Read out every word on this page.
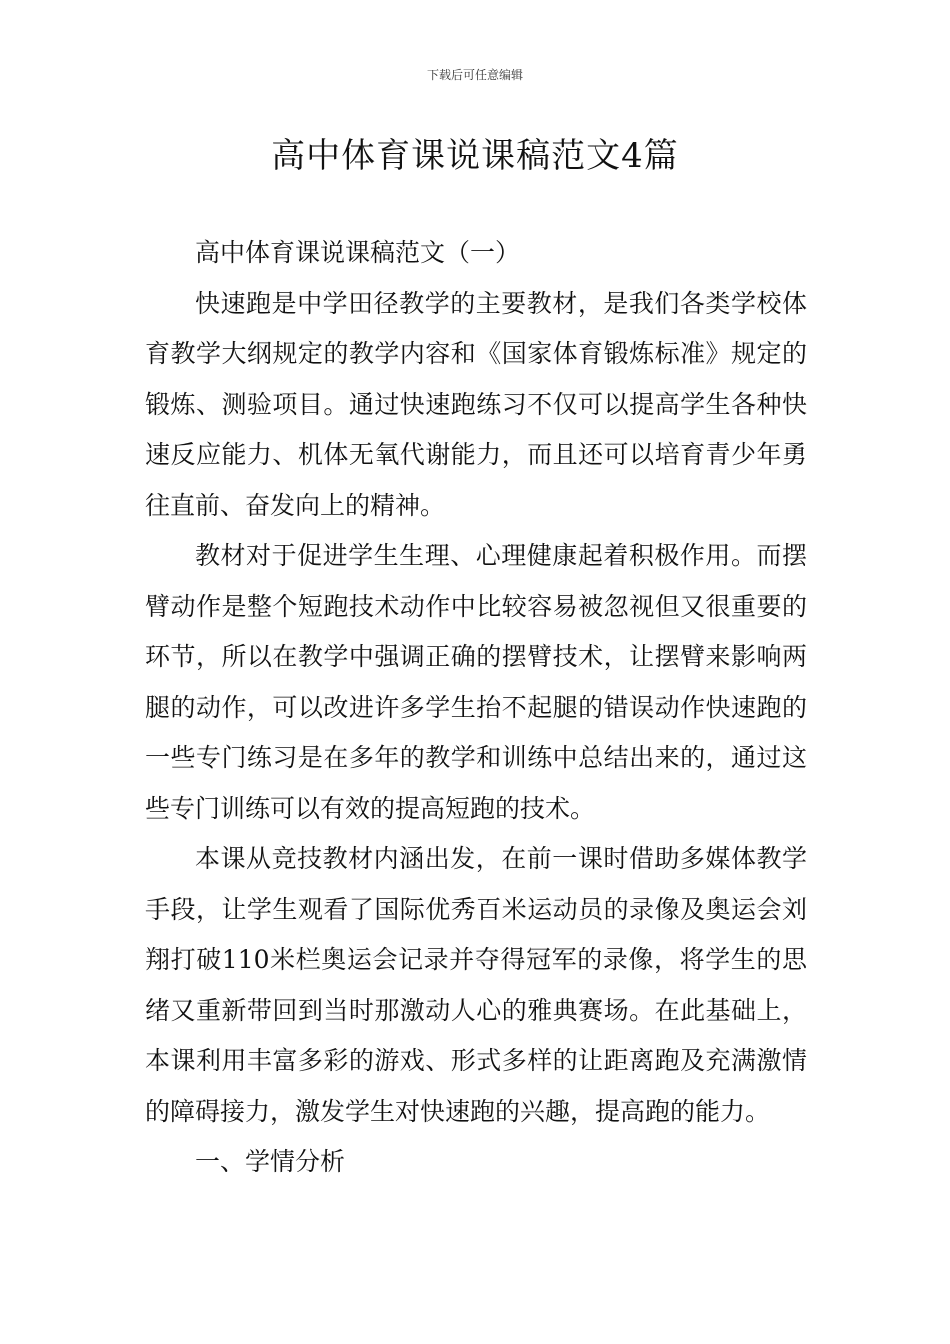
下载后可任意编辑
高中体育课说课稿范文4篇

高中体育课说课稿范文（一）

快速跑是中学田径教学的主要教材，是我们各类学校体育教学大纲规定的教学内容和《国家体育锻炼标准》规定的锻炼、测验项目。通过快速跑练习不仅可以提高学生各种快速反应能力、机体无氧代谢能力，而且还可以培育青少年勇往直前、奋发向上的精神。

教材对于促进学生生理、心理健康起着积极作用。而摆臂动作是整个短跑技术动作中比较容易被忽视但又很重要的环节，所以在教学中强调正确的摆臂技术，让摆臂来影响两腿的动作，可以改进许多学生抬不起腿的错误动作快速跑的一些专门练习是在多年的教学和训练中总结出来的，通过这些专门训练可以有效的提高短跑的技术。

本课从竞技教材内涵出发，在前一课时借助多媒体教学手段，让学生观看了国际优秀百米运动员的录像及奥运会刘翔打破110米栏奥运会记录并夺得冠军的录像，将学生的思绪又重新带回到当时那激动人心的雅典赛场。在此基础上，本课利用丰富多彩的游戏、形式多样的让距离跑及充满激情的障碍接力，激发学生对快速跑的兴趣，提高跑的能力。

一、学情分析
